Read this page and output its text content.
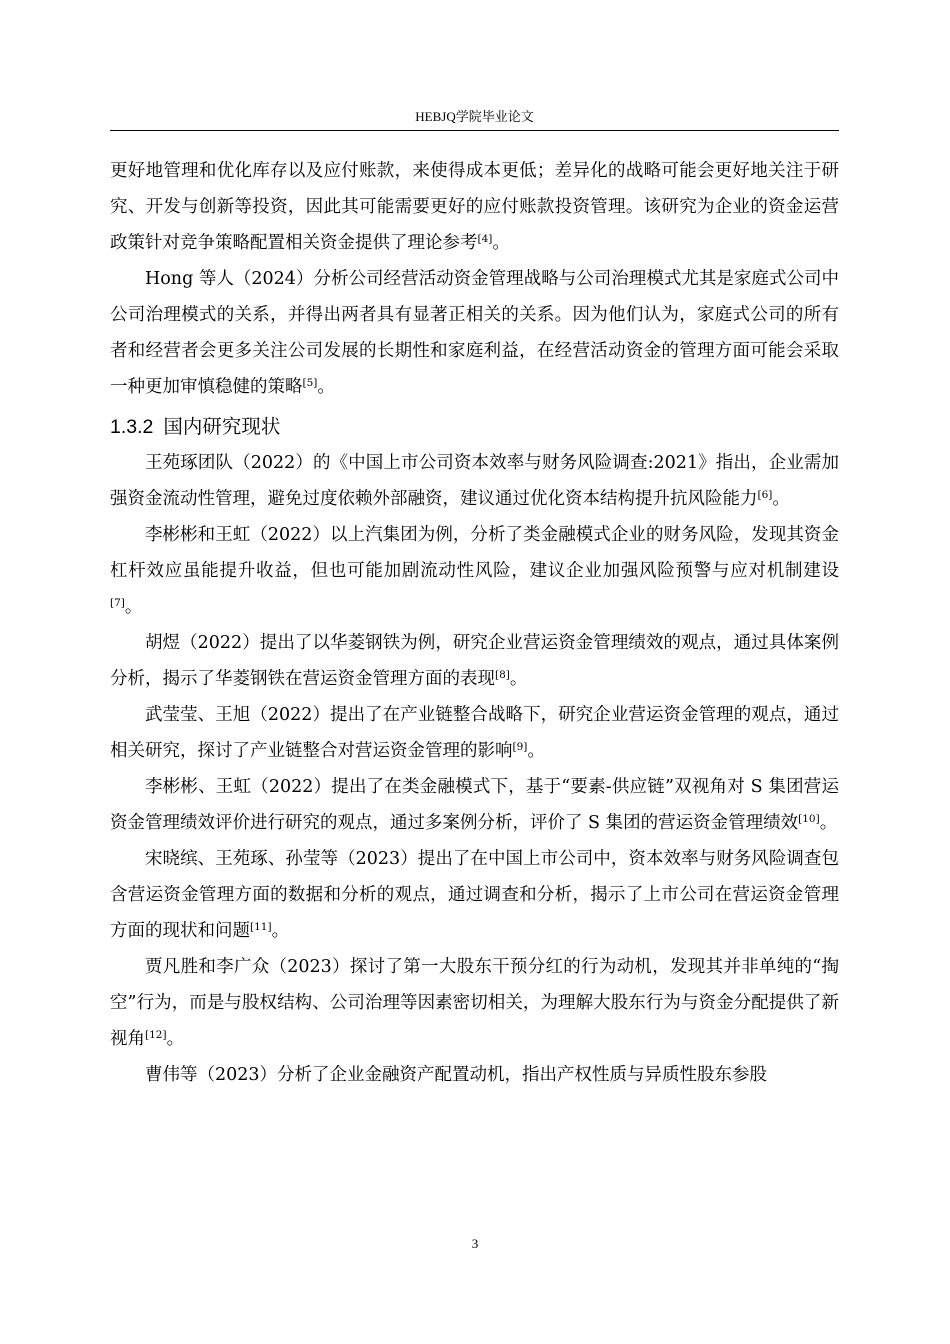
HEBJQ学院毕业论文

更好地管理和优化库存以及应付账款，来使得成本更低；差异化的战略可能会更好地关注于研究、开发与创新等投资，因此其可能需要更好的应付账款投资管理。该研究为企业的资金运营政策针对竞争策略配置相关资金提供了理论参考[4]。

Hong 等人（2024）分析公司经营活动资金管理战略与公司治理模式尤其是家庭式公司中公司治理模式的关系，并得出两者具有显著正相关的关系。因为他们认为，家庭式公司的所有者和经营者会更多关注公司发展的长期性和家庭利益，在经营活动资金的管理方面可能会采取一种更加审慎稳健的策略[5]。

1.3.2 国内研究现状

王苑琢团队（2022）的《中国上市公司资本效率与财务风险调查:2021》指出，企业需加强资金流动性管理，避免过度依赖外部融资，建议通过优化资本结构提升抗风险能力[6]。

李彬彬和王虹（2022）以上汽集团为例，分析了类金融模式企业的财务风险，发现其资金杠杆效应虽能提升收益，但也可能加剧流动性风险，建议企业加强风险预警与应对机制建设[7]。

胡煜（2022）提出了以华菱钢铁为例，研究企业营运资金管理绩效的观点，通过具体案例分析，揭示了华菱钢铁在营运资金管理方面的表现[8]。

武莹莹、王旭（2022）提出了在产业链整合战略下，研究企业营运资金管理的观点，通过相关研究，探讨了产业链整合对营运资金管理的影响[9]。

李彬彬、王虹（2022）提出了在类金融模式下，基于“要素-供应链”双视角对 S 集团营运资金管理绩效评价进行研究的观点，通过多案例分析，评价了 S 集团的营运资金管理绩效[10]。

宋晓缤、王苑琢、孙莹等（2023）提出了在中国上市公司中，资本效率与财务风险调查包含营运资金管理方面的数据和分析的观点，通过调查和分析，揭示了上市公司在营运资金管理方面的现状和问题[11]。

贾凡胜和李广众（2023）探讨了第一大股东干预分红的行为动机，发现其并非单纯的“掏空”行为，而是与股权结构、公司治理等因素密切相关，为理解大股东行为与资金分配提供了新视角[12]。

曹伟等（2023）分析了企业金融资产配置动机，指出产权性质与异质性股东参股

3
